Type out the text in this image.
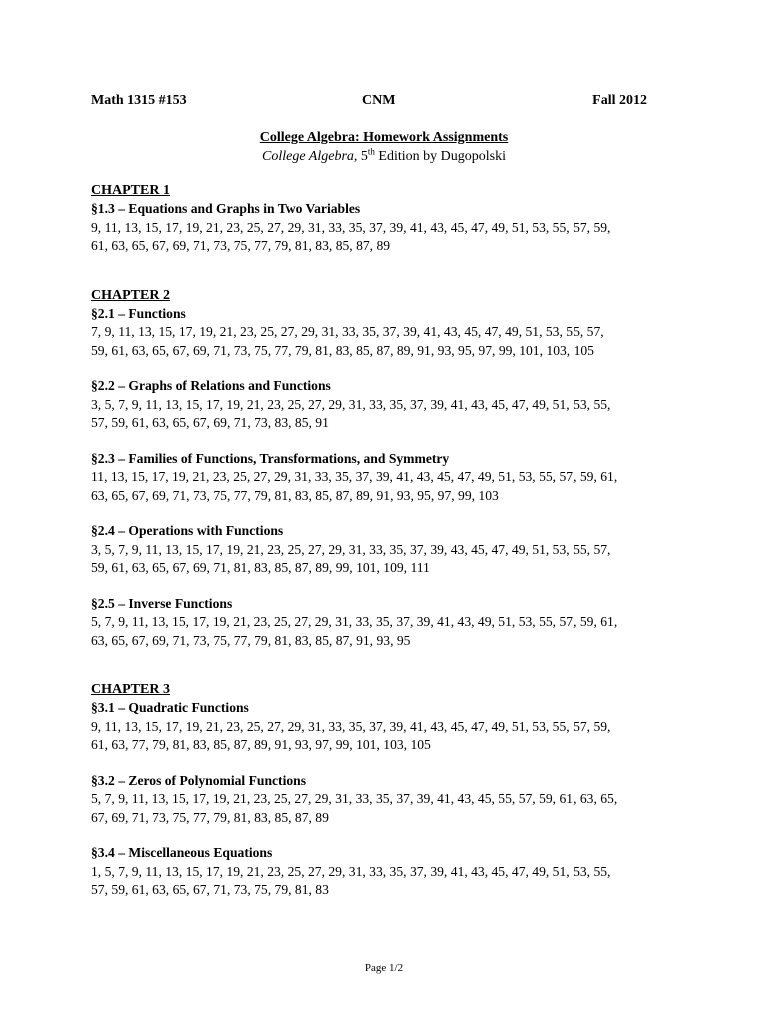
Math 1315 #153	CNM	Fall 2012
College Algebra: Homework Assignments
College Algebra, 5th Edition by Dugopolski
CHAPTER 1
§1.3 – Equations and Graphs in Two Variables
9, 11, 13, 15, 17, 19, 21, 23, 25, 27, 29, 31, 33, 35, 37, 39, 41, 43, 45, 47, 49, 51, 53, 55, 57, 59,
61, 63, 65, 67, 69, 71, 73, 75, 77, 79, 81, 83, 85, 87, 89
CHAPTER 2
§2.1 – Functions
7, 9, 11, 13, 15, 17, 19, 21, 23, 25, 27, 29, 31, 33, 35, 37, 39, 41, 43, 45, 47, 49, 51, 53, 55, 57,
59, 61, 63, 65, 67, 69, 71, 73, 75, 77, 79, 81, 83, 85, 87, 89, 91, 93, 95, 97, 99, 101, 103, 105
§2.2 – Graphs of Relations and Functions
3, 5, 7, 9, 11, 13, 15, 17, 19, 21, 23, 25, 27, 29, 31, 33, 35, 37, 39, 41, 43, 45, 47, 49, 51, 53, 55,
57, 59, 61, 63, 65, 67, 69, 71, 73, 83, 85, 91
§2.3 – Families of Functions, Transformations, and Symmetry
11, 13, 15, 17, 19, 21, 23, 25, 27, 29, 31, 33, 35, 37, 39, 41, 43, 45, 47, 49, 51, 53, 55, 57, 59, 61,
63, 65, 67, 69, 71, 73, 75, 77, 79, 81, 83, 85, 87, 89, 91, 93, 95, 97, 99, 103
§2.4 – Operations with Functions
3, 5, 7, 9, 11, 13, 15, 17, 19, 21, 23, 25, 27, 29, 31, 33, 35, 37, 39, 43, 45, 47, 49, 51, 53, 55, 57,
59, 61, 63, 65, 67, 69, 71, 81, 83, 85, 87, 89, 99, 101, 109, 111
§2.5 – Inverse Functions
5, 7, 9, 11, 13, 15, 17, 19, 21, 23, 25, 27, 29, 31, 33, 35, 37, 39, 41, 43, 49, 51, 53, 55, 57, 59, 61,
63, 65, 67, 69, 71, 73, 75, 77, 79, 81, 83, 85, 87, 91, 93, 95
CHAPTER 3
§3.1 – Quadratic Functions
9, 11, 13, 15, 17, 19, 21, 23, 25, 27, 29, 31, 33, 35, 37, 39, 41, 43, 45, 47, 49, 51, 53, 55, 57, 59,
61, 63, 77, 79, 81, 83, 85, 87, 89, 91, 93, 97, 99, 101, 103, 105
§3.2 – Zeros of Polynomial Functions
5, 7, 9, 11, 13, 15, 17, 19, 21, 23, 25, 27, 29, 31, 33, 35, 37, 39, 41, 43, 45, 55, 57, 59, 61, 63, 65,
67, 69, 71, 73, 75, 77, 79, 81, 83, 85, 87, 89
§3.4 – Miscellaneous Equations
1, 5, 7, 9, 11, 13, 15, 17, 19, 21, 23, 25, 27, 29, 31, 33, 35, 37, 39, 41, 43, 45, 47, 49, 51, 53, 55,
57, 59, 61, 63, 65, 67, 71, 73, 75, 79, 81, 83
Page 1/2
